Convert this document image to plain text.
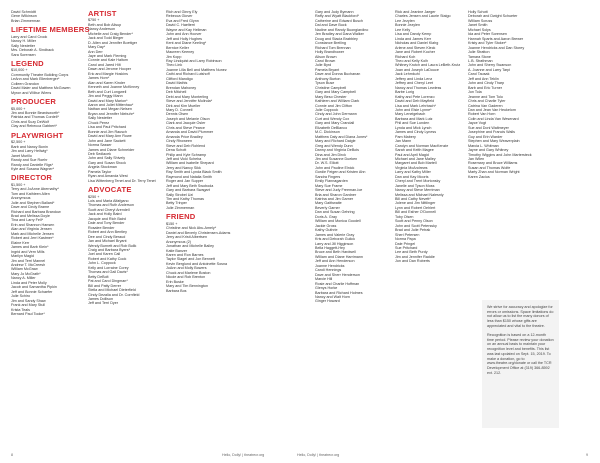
David Schmidtt
Gene Wilkinson
Brian Zimmerman
LIFETIME MEMBERS
Larry and Carol Crook
Nancy H. Miller
Sally Nestetter
Mrs. Deborah A. Sindback
Sara Sorensen
LEGEND
$10,000 +
Community Theatre Building Corps
LeAnn and Mark Ellenberger*
Colleen Grandon
David Maier and Matthew McGowen
Myron and Wilbur Wiens
PRODUCER
$5,000 +
Jim and Bonnie Beardsworth*
Patricia and Thomas Cordell*
Chris and Suzy DeWolf
Clay and Rebecca Gabbert*
PLAYWRIGHT
$2,500 +
Barb and Nancy Bonin
Jim and Larry Hellwig*
Janet Murillo
Randy and Sue Roehr
Randy and Danielle Rigs*
Kyle and Susana Wagner*
DIRECTOR
$1,500 +
Terry and JoAnne Abernathy*
Tom and Kathleen Allen
Anonymous
Julie and Stephen Ballard*
Dave and Cindy Brame
Richard and Barbara Brandow
Brad and Melissa Doyle
Tina and Larry Fell*
Erin and Shannon Hansen
Alan and Virginia Jensen
Mark and Michelle Jensen
Robert and Jerri Kastmer*
Elaine Kerr
James and Barb Klein*
Ingrid and Vern Mills
Marilyn Magid
Jim and Terri Mannel
Andrew T. McCreesh
William McGraw
Mary Jo McGrath*
Nancy A. Miller
Linda and Peter Molly
Jacob and Samantha Pipkin
Jeff and Bonnie Schaefer
Julie Schiro
Jim and Sandy Shaw
Frank and Mary Stull
Krista Teals
Bernard Paul Tooke*
ARTIST
$750 +
Beth and Bob Allsup
Nancy Anderson
Michelle and Craig Bender*
Jack and Todd Bieger
D. Allen and Jennifer Boettger
Mary Day*
Ann Derr
Jaye and Mark Fleming
Connie and Kale Haltom
Carol and Jared Hilt
Dawn and Jerome Hooper
Eric and Margie Hoskins
James Horn*
Alan and Karen Kinder
Kenneth and Joanne McKinney
Beth and Curt Longwell
Jim and Peggy Mann
David and Mary Marion*
Aaron and Juliet Mittenhau*
Nathan and Megan Nelsen
Bryan and Jennifer Niebuhr*
Sally Nestetter
Chuck Perez
Lisa and Paul Pritchard
Bonnie and Jim Rausch
David and Mary Ann Rowe
John and Jane Sackett
Norma Sasser
James and Diane Schneider
Deb Sedlacek
John and Sally Shively
Gary and Susan Shock
Angela Stockman
Pamela Taylor
Ryan and Amanda West
Lisa Wittenberg Tenet and Dr. Terry Tenet
ADVOCATE
$250 +
Lois and Maria Alfafgano
Thomas and Ruth Anderson
Scott and Cheryl Arendell
Jack and Holly Baird
Jacquie and Rich Baird
Dale and Tony Bender
Rosalee Bender
Robert and Ann Bentley
Dee and Cindy Beraud
Jan and Michael Bryant
Wendy Burnett and Rob Bulik
Craig and Barbara Byers*
Joel and Karen Call
Robert and Kathy Cook
John L. Coppock
Kelly and Lorraine Corey
Thomas and Gail Davis*
Betty DeBolt
Pat and Carol Dingman*
Bill and Patty Derrer
Stella and Michael Dieterfield
Cindy Dezalia and Dr. Cornfield
James Dollison
Jeff and Terri Dyer
Rich and Ginny Ely
Rebecca Glover
Eva and Fred Glynn
David C. Haelterri
Wayne and Kay Hellman
John and Ann Hoover
Jeff and Holly Hughes
Kent and Diane Keeling*
Bernice Keller
Maureen Keeney
Jim Kopp
Ray Lindquist and Larry Robinson
Theo Link
Joanne Lilla Bell and Matthew Nunez
Cathi and Richard Lutshoff
Clifford Mandigo
David Mathis
Brendan Mahoney
Deb Mitchell
Debi and Mary Monterling
Steve and Jennifer Mulinda*
Dirk and Kim Mueller
Mary D. Connell
Dennis Olsen
Joseph and Melanie Olson
Clark and Jacquie Osler
Chris and Steve Pearce
Amanda and David Plummer
Amanda Price Bradley
Cindy Rhoween
Steve and Deb Rohlend
Dena Schott
Philip and Kyle Schramp
Jeff and Vicki Scheba
William and Isabelle Shepard
Jerry and Nancy Sikk
Ray Smith and Lynda Black Smith
Raymond and Natalia Smith
Roger and Jan Supper
Jeff and Mary Beth Swoboda
Gary and Barbara Swagart
Sally Strobel Uzi
Tim and Kathy Thomas
Betty Trinper
Julie Zimmerman
FRIEND
$150 +
Christine and Nick Abu-Amely*
Daniel and Beverly Christensen-Adams
Jerry and Kristi Albertsen
Anonymous (2)
Jonathan and Michelle Bailey
Katie Banzer
Karen and Ron Barnes
Taylor Slagel and Jon Bennett
Kevin Berglund and Antoinette Sosna
JoAnn and Molly Bowers
Chuck and Marlene Boston
Nicole and Rob Brenton
Erin Buske
Mary and Tim Bennington
Barbara Bos
Gary and Judy Bymann
Raffy and Wyatt Blackford*
Catherine and Edward Busch
Dal and Dave Buck
Nadine and Randy Buongiardino
Jen Bradley and Dana Walker
Doug and Stacia Brabbley
Constance Breiling
Richard Tom Brennan
Holly Brandhower
Alison Brown
Carol Brown
Julie Byrd
Pamela Bryant
Dave and Donna Buchanan
Anthony Burton
Tyson Buse
Christine Campbell
Gary and Mary Campbell
Mary Beso Chester
Kathleen and William Clark
Connie and Jim Clifton
Julie Coppock
Cindy and John Dermann
Curt and Wendy Cox
Gary and Mary Crandall
Elizabeth DeBlanco
M.C. Dickinson
Matthew Daly and Diana Jones*
Mary and Richard Daigle
Greg and Wendy Dunn
Danny and Virginia DeBois
Dina and Jim Dirck
Jim and Susanne Dueken
Dr. W.S. Elliott
John and Pauline Elnick
Gordie Feigen and Kristen Ahn
Sandra Fingers
Emily Flannagarden
Mary Sue Frame
Steve and Judy Freeman-Ice
Bria and Sharon Gardner
Katrina and Jim Garner
Mary Gaithwaite
Beverly Garner
Dan and Susan Gehring
Doris A. Gray
William and Monica Goodell
Jackie Gross
Kathy Guthrie
James and Valerie Gray
Kris and Deborah Gulick
Larry and Jill Higginson
Bella Haggett-Hey
Bruce and Beth Hardwell
William and Diane Harrimann
Jeff and Ann Henderson
Joanne Hendricks
Candi Hennings
Dave and Sherr Henderson
Marcie Hill
Rosie and Charlie Hoffman
Glenys Horke
Barbara and Richard Holmes
Nancy and Walt Horn
Ginger Howard
Rick and Jeanine Jaeger
Charles Jensen and Laurie Staigo
Lee Jezylen
Bonnie Jezylen
Lee Kelly
Lisa and Dandy Kemp
Linda and James Kerr
Nicholas and Daniel Klahg
Arlene and Steven Kleck
Jane and Robert Kocher
Richard Koh
Theo and Kelly Kolh
Whitney Krutch and Laura LeBeth-Krutz
Joan and Joseph LaDouce
Jack Lehmkuhl
Jeffery and Linda Lenz
Jeffrey and Cheryl Leet
Nancy and Thomas Lewless
Barbe Lorig
Kathy and Pete Lorenzo
David and Deb Mayfield
Lisa and Mark Lehrbach*
John and Elsie Lynne*
Mary Leneigebach
Barbara and Mark Lutz
Phil and Sue Lunden
Lynda and Mick Lynch
James and Cindy Lyness
Pam Mabery
Jan Mann
Carolyn and Norman MacKenzie
Sarah and Keith Magee
Paul and April Magid
Michael and Jane Malley
Margaret and Bob Martell
Virginia McAndrews
Larry and Kathy Miller
Dan and Kay Mooris
Cheryl and Trent Mortonsky
Janelle and Tyson Moss
Nancy and Steve Merriman
Melissa and Michael Nalesnly
Bill and Cathy Nevett*
Jolene and Jim Nittlinger
Lynn and Robert Oehlert
Bill and Esther O'Donnell
Toby Olsen
Scott and Penny Olson
John and Scott Peterssky
Brad and Julie Petrak
Sheri Petersen
Norma Papa
Dale Pringel
Sue Pritchard
Lee and Beth Purdy
Jim and Jennifer Raddie
Jon and Dan Roberts
Holly Schott
Deborah and Dwight Schueter
William Scruss
Janet Smith
Michael Solys
Ida and Peter Sorensen
Hannah Sparts and Aaron Brewer
Kristy and Tyler Stoker*
Joanne Hendricks and Dan Storey
Julie Stratton
Tamara Stone
L.B. Strathman
John and Sherry Swanson
A. Joanne and Larry Tarpi
Carol Tausak
Jeff and Ann Teklin
John and Cindy Tharp
Barb and Eric Turner
Jon Tola
Jeanne and Tom Tolo
Chris and Charlie Tyler
Catrina Van Gaderen
Dan and Jean Van Heukelom
Robert Van Horn
Colin and Linda Van Wesenard
Jayce Vogt
Sue and Doni Waltmeyer
Josephine and Francis Walls
Guy and Erin Warder
Stephen and Mary Weaverplain
Marcia L. Whitman
Jayne and Gary Whitney
Timothy Wiggins and John Martersteck
Jan Wilen
Rosemary and Bruce Williams
Susan and Thomas Wolfe
Marty Zhan and Norman Wright
Karen Zacius

We strive for accuracy and apologize for errors or omissions. Space limitations do not allow us to list the many donors of less than $150 whose gifts are appreciated and vital to the theatre.

Recognition is based on a 12-month time period. Please review your donation on an annual basis to maintain your recognition level and benefits. This list was last updated on Sept. 15, 2019. To make a donation, go to www.theatre.org/donate or call the TCR Development Office at (319) 366-8592 ext. 212.

8	Hello, Dolly! | theatrecr.org	Hello, Dolly! | theatrecr.org	9
